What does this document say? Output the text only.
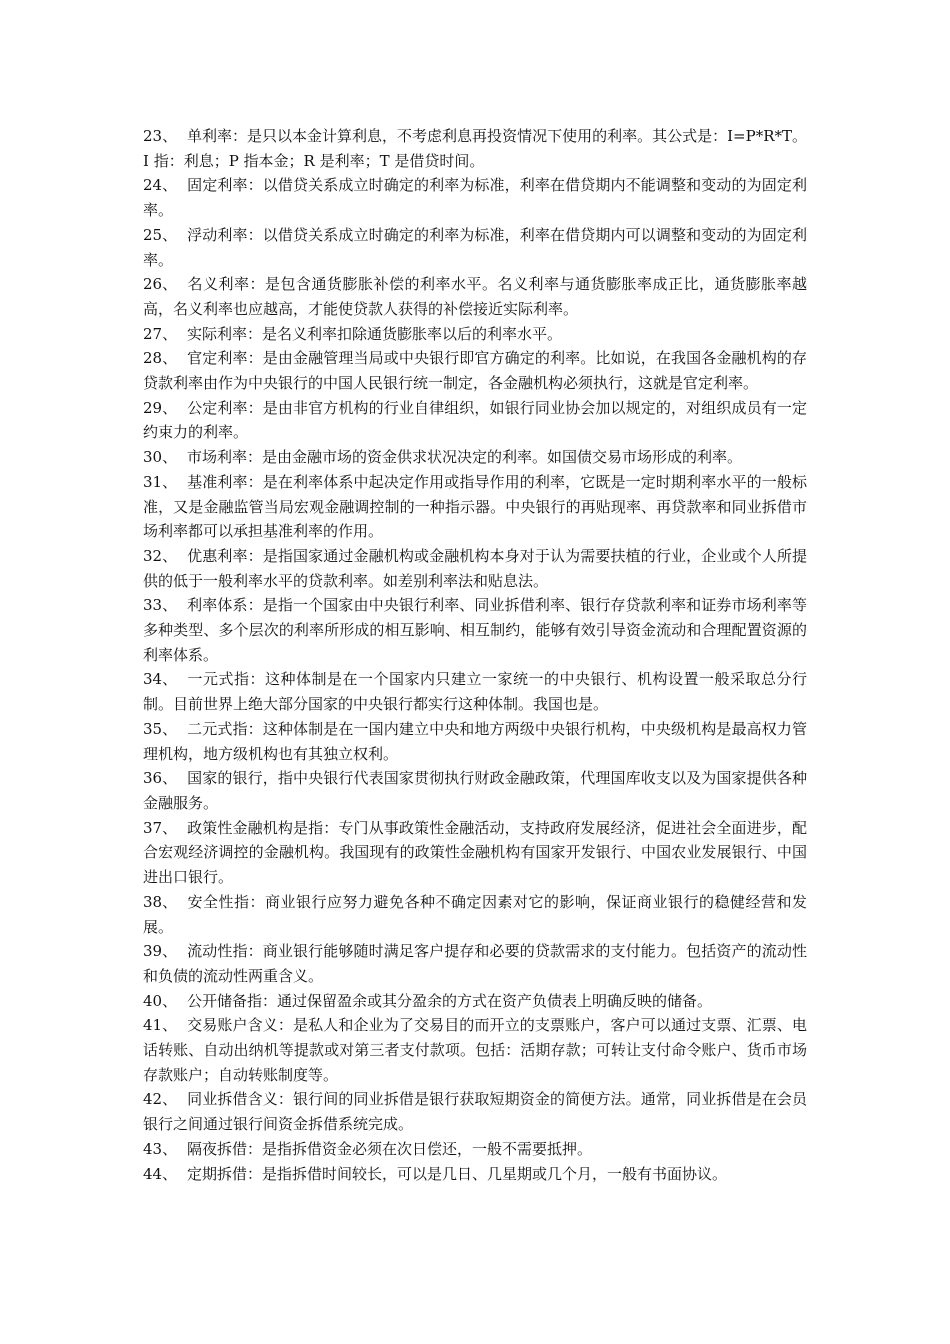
23、 单利率：是只以本金计算利息，不考虑利息再投资情况下使用的利率。其公式是：I=P*R*T。I 指：利息；P 指本金；R 是利率；T 是借贷时间。

24、 固定利率：以借贷关系成立时确定的利率为标准，利率在借贷期内不能调整和变动的为固定利率。

25、 浮动利率：以借贷关系成立时确定的利率为标准，利率在借贷期内可以调整和变动的为固定利率。

26、 名义利率：是包含通货膨胀补偿的利率水平。名义利率与通货膨胀率成正比，通货膨胀率越高，名义利率也应越高，才能使贷款人获得的补偿接近实际利率。

27、 实际利率：是名义利率扣除通货膨胀率以后的利率水平。

28、 官定利率：是由金融管理当局或中央银行即官方确定的利率。比如说，在我国各金融机构的存贷款利率由作为中央银行的中国人民银行统一制定，各金融机构必须执行，这就是官定利率。

29、 公定利率：是由非官方机构的行业自律组织，如银行同业协会加以规定的，对组织成员有一定约束力的利率。

30、 市场利率：是由金融市场的资金供求状况决定的利率。如国债交易市场形成的利率。

31、 基准利率：是在利率体系中起决定作用或指导作用的利率，它既是一定时期利率水平的一般标准，又是金融监管当局宏观金融调控制的一种指示器。中央银行的再贴现率、再贷款率和同业拆借市场利率都可以承担基准利率的作用。

32、 优惠利率：是指国家通过金融机构或金融机构本身对于认为需要扶植的行业，企业或个人所提供的低于一般利率水平的贷款利率。如差别利率法和贴息法。

33、 利率体系：是指一个国家由中央银行利率、同业拆借利率、银行存贷款利率和证券市场利率等多种类型、多个层次的利率所形成的相互影响、相互制约，能够有效引导资金流动和合理配置资源的利率体系。

34、 一元式指：这种体制是在一个国家内只建立一家统一的中央银行、机构设置一般采取总分行制。目前世界上绝大部分国家的中央银行都实行这种体制。我国也是。

35、 二元式指：这种体制是在一国内建立中央和地方两级中央银行机构，中央级机构是最高权力管理机构，地方级机构也有其独立权利。

36、 国家的银行，指中央银行代表国家贯彻执行财政金融政策，代理国库收支以及为国家提供各种金融服务。

37、 政策性金融机构是指：专门从事政策性金融活动，支持政府发展经济，促进社会全面进步，配合宏观经济调控的金融机构。我国现有的政策性金融机构有国家开发银行、中国农业发展银行、中国进出口银行。

38、 安全性指：商业银行应努力避免各种不确定因素对它的影响，保证商业银行的稳健经营和发展。

39、 流动性指：商业银行能够随时满足客户提存和必要的贷款需求的支付能力。包括资产的流动性和负债的流动性两重含义。

40、 公开储备指：通过保留盈余或其分盈余的方式在资产负债表上明确反映的储备。

41、 交易账户含义：是私人和企业为了交易目的而开立的支票账户，客户可以通过支票、汇票、电话转账、自动出纳机等提款或对第三者支付款项。包括：活期存款；可转让支付命令账户、货币市场存款账户；自动转账制度等。

42、 同业拆借含义：银行间的同业拆借是银行获取短期资金的简便方法。通常，同业拆借是在会员银行之间通过银行间资金拆借系统完成。

43、 隔夜拆借：是指拆借资金必须在次日偿还，一般不需要抵押。

44、 定期拆借：是指拆借时间较长，可以是几日、几星期或几个月，一般有书面协议。
